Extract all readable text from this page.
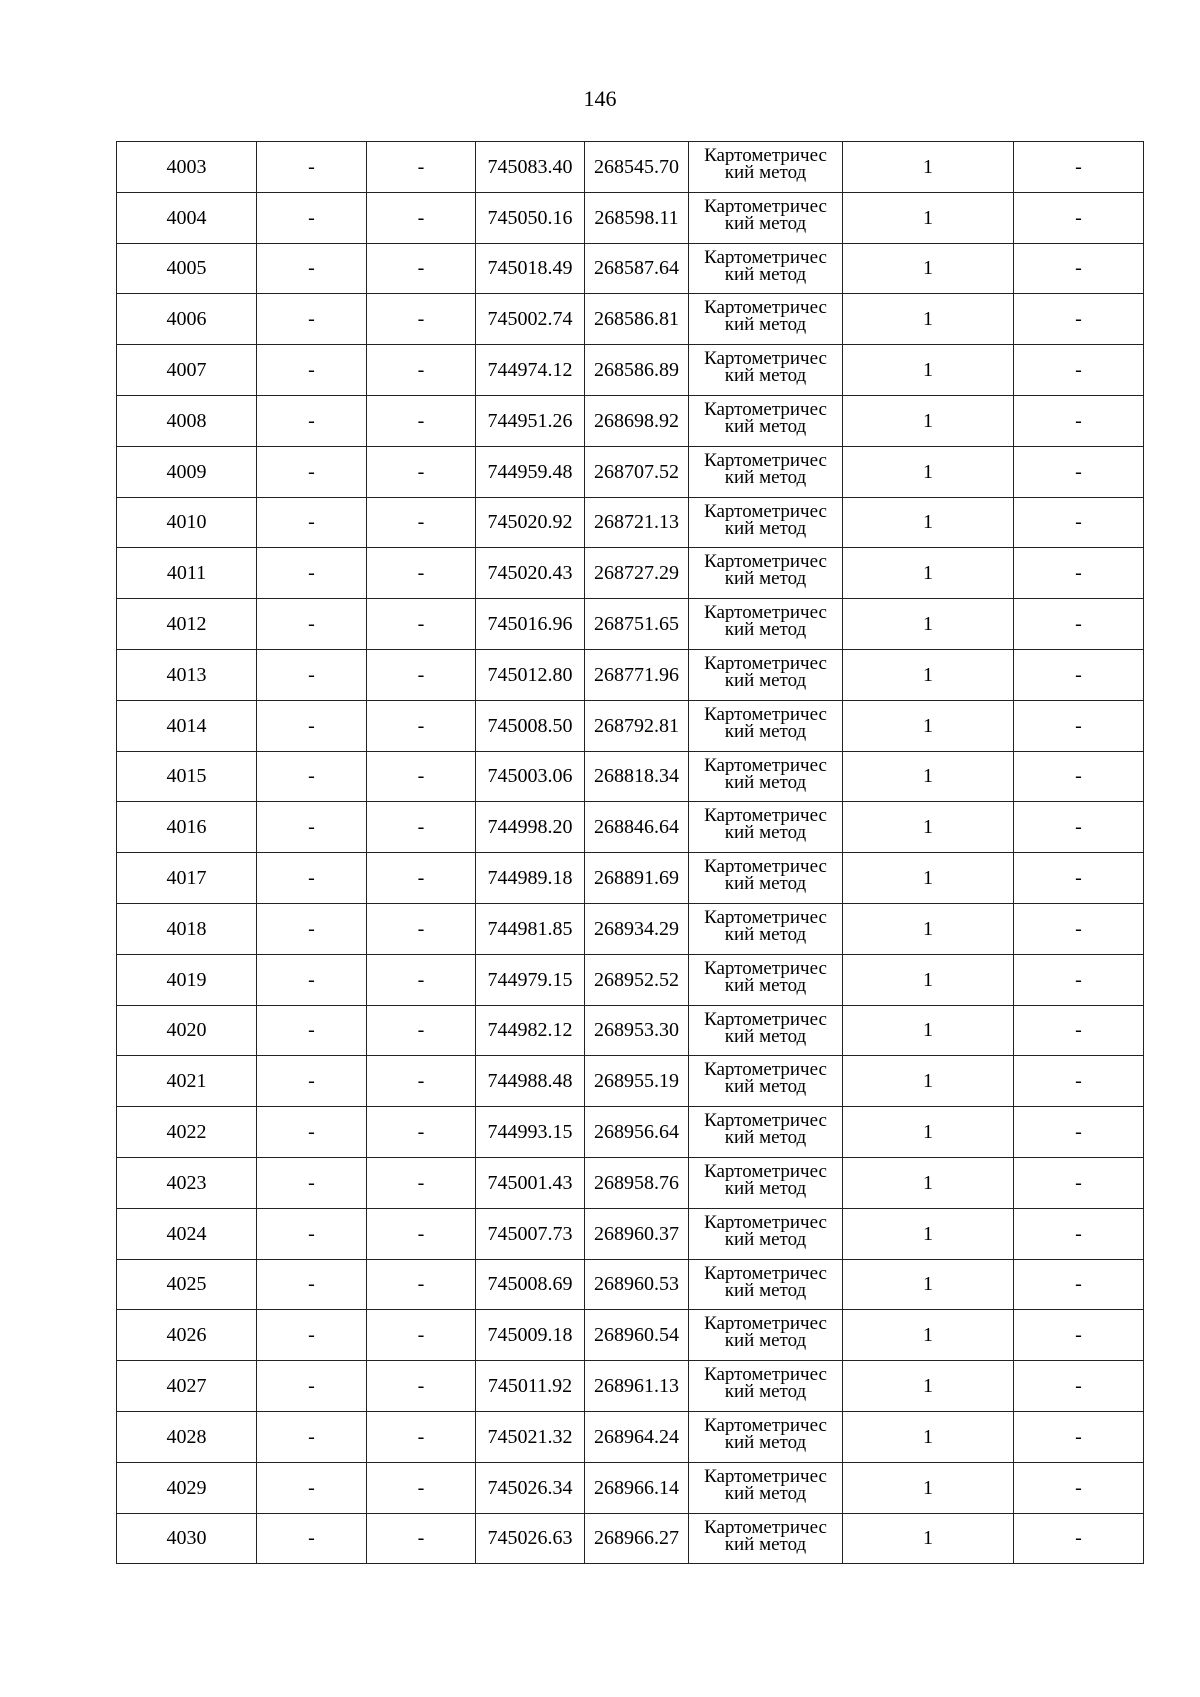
146
4003	-	-	745083.40	268545.70	Картометричес
кий метод	1	-
4004	-	-	745050.16	268598.11	Картометричес
кий метод	1	-
4005	-	-	745018.49	268587.64	Картометричес
кий метод	1	-
4006	-	-	745002.74	268586.81	Картометричес
кий метод	1	-
4007	-	-	744974.12	268586.89	Картометричес
кий метод	1	-
4008	-	-	744951.26	268698.92	Картометричес
кий метод	1	-
4009	-	-	744959.48	268707.52	Картометричес
кий метод	1	-
4010	-	-	745020.92	268721.13	Картометричес
кий метод	1	-
4011	-	-	745020.43	268727.29	Картометричес
кий метод	1	-
4012	-	-	745016.96	268751.65	Картометричес
кий метод	1	-
4013	-	-	745012.80	268771.96	Картометричес
кий метод	1	-
4014	-	-	745008.50	268792.81	Картометричес
кий метод	1	-
4015	-	-	745003.06	268818.34	Картометричес
кий метод	1	-
4016	-	-	744998.20	268846.64	Картометричес
кий метод	1	-
4017	-	-	744989.18	268891.69	Картометричес
кий метод	1	-
4018	-	-	744981.85	268934.29	Картометричес
кий метод	1	-
4019	-	-	744979.15	268952.52	Картометричес
кий метод	1	-
4020	-	-	744982.12	268953.30	Картометричес
кий метод	1	-
4021	-	-	744988.48	268955.19	Картометричес
кий метод	1	-
4022	-	-	744993.15	268956.64	Картометричес
кий метод	1	-
4023	-	-	745001.43	268958.76	Картометричес
кий метод	1	-
4024	-	-	745007.73	268960.37	Картометричес
кий метод	1	-
4025	-	-	745008.69	268960.53	Картометричес
кий метод	1	-
4026	-	-	745009.18	268960.54	Картометричес
кий метод	1	-
4027	-	-	745011.92	268961.13	Картометричес
кий метод	1	-
4028	-	-	745021.32	268964.24	Картометричес
кий метод	1	-
4029	-	-	745026.34	268966.14	Картометричес
кий метод	1	-
4030	-	-	745026.63	268966.27	Картометричес
кий метод	1	-
